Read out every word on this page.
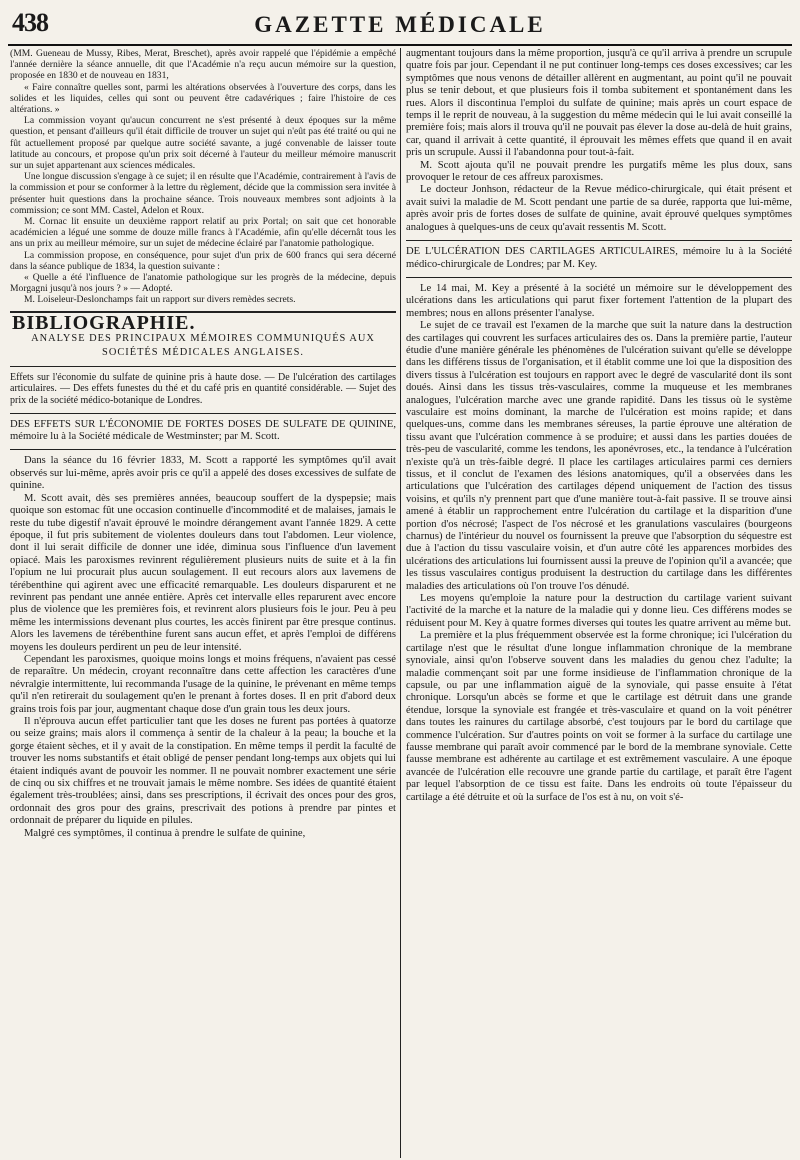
438	GAZETTE MÉDICALE

(MM. Gueneau de Mussy, Ribes, Merat, Breschet), après avoir rappelé que l'épidémie a empêché l'année dernière la séance annuelle, dit que l'Académie n'a reçu aucun mémoire sur la question, proposée en 1830 et de nouveau en 1831,

« Faire connaître quelles sont, parmi les altérations observées à l'ouverture des corps, dans les solides et les liquides, celles qui sont ou peuvent être cadavériques ; faire l'histoire de ces altérations. »

La commission voyant qu'aucun concurrent ne s'est présenté à deux époques sur la même question, et pensant d'ailleurs qu'il était difficile de trouver un sujet qui n'eût pas été traité ou qui ne fût actuellement proposé par quelque autre société savante, a jugé convenable de laisser toute latitude au concours, et propose qu'un prix soit décerné à l'auteur du meilleur mémoire manuscrit sur un sujet appartenant aux sciences médicales.

Une longue discussion s'engage à ce sujet; il en résulte que l'Académie, contrairement à l'avis de la commission et pour se conformer à la lettre du règlement, décide que la commission sera invitée à présenter huit questions dans la prochaine séance. Trois nouveaux membres sont adjoints à la commission; ce sont MM. Castel, Adelon et Roux.

M. Cornac lit ensuite un deuxième rapport relatif au prix Portal; on sait que cet honorable académicien a légué une somme de douze mille francs à l'Académie, afin qu'elle décernât tous les ans un prix au meilleur mémoire, sur un sujet de médecine éclairé par l'anatomie pathologique.

La commission propose, en conséquence, pour sujet d'un prix de 600 francs qui sera décerné dans la séance publique de 1834, la question suivante :

« Quelle a été l'influence de l'anatomie pathologique sur les progrès de la médecine, depuis Morgagni jusqu'à nos jours ? » — Adopté.

M. Loiseleur-Deslonchamps fait un rapport sur divers remèdes secrets.

BIBLIOGRAPHIE.

ANALYSE DES PRINCIPAUX MÉMOIRES COMMUNIQUÉS AUX

SOCIÉTÉS MÉDICALES ANGLAISES.

Effets sur l'économie du sulfate de quinine pris à haute dose. — De l'ulcération des cartilages articulaires. — Des effets funestes du thé et du café pris en quantité considérable. — Sujet des prix de la société médico-botanique de Londres.

DES EFFETS SUR L'ÉCONOMIE DE FORTES DOSES DE SULFATE DE QUININE, mémoire lu à la Société médicale de Westminster; par M. Scott.

Dans la séance du 16 février 1833, M. Scott a rapporté les symptômes qu'il avait observés sur lui-même, après avoir pris ce qu'il a appelé des doses excessives de sulfate de quinine.

M. Scott avait, dès ses premières années, beaucoup souffert de la dyspepsie; mais quoique son estomac fût une occasion continuelle d'incommodité et de malaises, jamais le reste du tube digestif n'avait éprouvé le moindre dérangement avant l'année 1829. A cette époque, il fut pris subitement de violentes douleurs dans tout l'abdomen. Leur violence, dont il lui serait difficile de donner une idée, diminua sous l'influence d'un lavement opiacé. Mais les paroxismes revinrent régulièrement plusieurs nuits de suite et à la fin l'opium ne lui procurait plus aucun soulagement. Il eut recours alors aux lavemens de térébenthine qui agirent avec une efficacité remarquable. Les douleurs disparurent et ne revinrent pas pendant une année entière. Après cet intervalle elles reparurent avec encore plus de violence que les premières fois, et revinrent alors plusieurs fois le jour. Peu à peu même les intermissions devenant plus courtes, les accès finirent par être presque continus. Alors les lavemens de térébenthine furent sans aucun effet, et après l'emploi de différens moyens les douleurs perdirent un peu de leur intensité.

Cependant les paroxismes, quoique moins longs et moins fréquens, n'avaient pas cessé de reparaître. Un médecin, croyant reconnaître dans cette affection les caractères d'une névralgie intermittente, lui recommanda l'usage de la quinine, le prévenant en même temps qu'il n'en retirerait du soulagement qu'en le prenant à fortes doses. Il en prit d'abord deux grains trois fois par jour, augmentant chaque dose d'un grain tous les deux jours.

Il n'éprouva aucun effet particulier tant que les doses ne furent pas portées à quatorze ou seize grains; mais alors il commença à sentir de la chaleur à la peau; la bouche et la gorge étaient sèches, et il y avait de la constipation. En même temps il perdit la faculté de trouver les noms substantifs et était obligé de penser pendant long-temps aux objets qui lui étaient indiqués avant de pouvoir les nommer. Il ne pouvait nombrer exactement une série de cinq ou six chiffres et ne trouvait jamais le même nombre. Ses idées de quantité étaient également très-troublées; ainsi, dans ses prescriptions, il écrivait des onces pour des gros, ordonnait des gros pour des grains, prescrivait des potions à prendre par pintes et ordonnait de préparer du liquide en pilules.

Malgré ces symptômes, il continua à prendre le sulfate de quinine,

augmentant toujours dans la même proportion, jusqu'à ce qu'il arriva à prendre un scrupule quatre fois par jour. Cependant il ne put continuer long-temps ces doses excessives; car les symptômes que nous venons de détailler allèrent en augmentant, au point qu'il ne pouvait plus se tenir debout, et que plusieurs fois il tomba subitement et spontanément dans les rues. Alors il discontinua l'emploi du sulfate de quinine; mais après un court espace de temps il le reprit de nouveau, à la suggestion du même médecin qui le lui avait conseillé la première fois; mais alors il trouva qu'il ne pouvait pas élever la dose au-delà de huit grains, car, quand il arrivait à cette quantité, il éprouvait les mêmes effets que quand il en avait pris un scrupule. Aussi il l'abandonna pour tout-à-fait.

M. Scott ajouta qu'il ne pouvait prendre les purgatifs même les plus doux, sans provoquer le retour de ces affreux paroxismes.

Le docteur Jonhson, rédacteur de la Revue médico-chirurgicale, qui était présent et avait suivi la maladie de M. Scott pendant une partie de sa durée, rapporta que lui-même, après avoir pris de fortes doses de sulfate de quinine, avait éprouvé quelques symptômes analogues à quelques-uns de ceux qu'avait ressentis M. Scott.

DE L'ULCÉRATION DES CARTILAGES ARTICULAIRES, mémoire lu à la Société médico-chirurgicale de Londres; par M. Key.

Le 14 mai, M. Key a présenté à la société un mémoire sur le développement des ulcérations dans les articulations qui parut fixer fortement l'attention de la plupart des membres; nous en allons présenter l'analyse.

Le sujet de ce travail est l'examen de la marche que suit la nature dans la destruction des cartilages qui couvrent les surfaces articulaires des os. Dans la première partie, l'auteur étudie d'une manière générale les phénomènes de l'ulcération suivant qu'elle se développe dans les différens tissus de l'organisation, et il établit comme une loi que la disposition des divers tissus à l'ulcération est toujours en rapport avec le degré de vascularité dont ils sont doués. Ainsi dans les tissus très-vasculaires, comme la muqueuse et les membranes analogues, l'ulcération marche avec une grande rapidité. Dans les tissus où le système vasculaire est moins dominant, la marche de l'ulcération est moins rapide; et dans quelques-uns, comme dans les membranes séreuses, la partie éprouve une altération de tissu avant que l'ulcération commence à se produire; et aussi dans les parties douées de très-peu de vascularité, comme les tendons, les aponévroses, etc., la tendance à l'ulcération n'existe qu'à un très-faible degré. Il place les cartilages articulaires parmi ces derniers tissus, et il conclut de l'examen des lésions anatomiques, qu'il a observées dans les articulations que l'ulcération des cartilages dépend uniquement de l'action des tissus voisins, et qu'ils n'y prennent part que d'une manière tout-à-fait passive. Il se trouve ainsi amené à établir un rapprochement entre l'ulcération du cartilage et la disparition d'une portion d'os nécrosé; l'aspect de l'os nécrosé et les granulations vasculaires (bourgeons charnus) de l'intérieur du nouvel os fournissent la preuve que l'absorption du séquestre est due à l'action du tissu vasculaire voisin, et d'un autre côté les apparences morbides des ulcérations des articulations lui fournissent aussi la preuve de l'opinion qu'il a avancée; que les tissus vasculaires contigus produisent la destruction du cartilage dans les différentes maladies des articulations où l'on trouve l'os dénudé.

Les moyens qu'emploie la nature pour la destruction du cartilage varient suivant l'activité de la marche et la nature de la maladie qui y donne lieu. Ces différens modes se réduisent pour M. Key à quatre formes diverses qui toutes les quatre arrivent au même but.

La première et la plus fréquemment observée est la forme chronique; ici l'ulcération du cartilage n'est que le résultat d'une longue inflammation chronique de la membrane synoviale, ainsi qu'on l'observe souvent dans les maladies du genou chez l'adulte; la maladie commençant soit par une forme insidieuse de l'inflammation chronique de la capsule, ou par une inflammation aiguë de la synoviale, qui passe ensuite à l'état chronique. Lorsqu'un abcès se forme et que le cartilage est détruit dans une grande étendue, lorsque la synoviale est frangée et très-vasculaire et quand on la voit pénétrer dans toutes les rainures du cartilage absorbé, c'est toujours par le bord du cartilage que commence l'ulcération. Sur d'autres points on voit se former à la surface du cartilage une fausse membrane qui paraît avoir commencé par le bord de la membrane synoviale. Cette fausse membrane est adhérente au cartilage et est extrêmement vasculaire. A une époque avancée de l'ulcération elle recouvre une grande partie du cartilage, et paraît être l'agent par lequel l'absorption de ce tissu est faite. Dans les endroits où toute l'épaisseur du cartilage a été détruite et où la surface de l'os est à nu, on voit s'é-
